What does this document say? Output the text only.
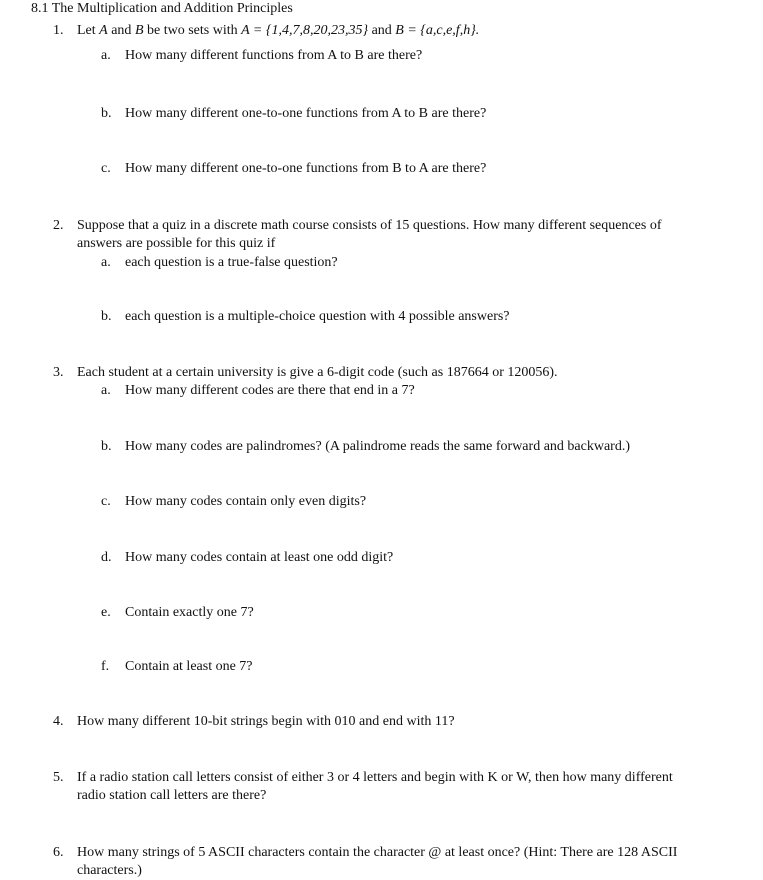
8.1 The Multiplication and Addition Principles
1. Let A and B be two sets with A = {1,4,7,8,20,23,35} and B = {a,c,e,f,h}.
a. How many different functions from A to B are there?
b. How many different one-to-one functions from A to B are there?
c. How many different one-to-one functions from B to A are there?
2. Suppose that a quiz in a discrete math course consists of 15 questions. How many different sequences of
answers are possible for this quiz if
a. each question is a true-false question?
b. each question is a multiple-choice question with 4 possible answers?
3. Each student at a certain university is give a 6-digit code (such as 187664 or 120056).
a. How many different codes are there that end in a 7?
b. How many codes are palindromes? (A palindrome reads the same forward and backward.)
c. How many codes contain only even digits?
d. How many codes contain at least one odd digit?
e. Contain exactly one 7?
f. Contain at least one 7?
4. How many different 10-bit strings begin with 010 and end with 11?
5. If a radio station call letters consist of either 3 or 4 letters and begin with K or W, then how many different
radio station call letters are there?
6. How many strings of 5 ASCII characters contain the character @ at least once? (Hint: There are 128 ASCII
characters.)
